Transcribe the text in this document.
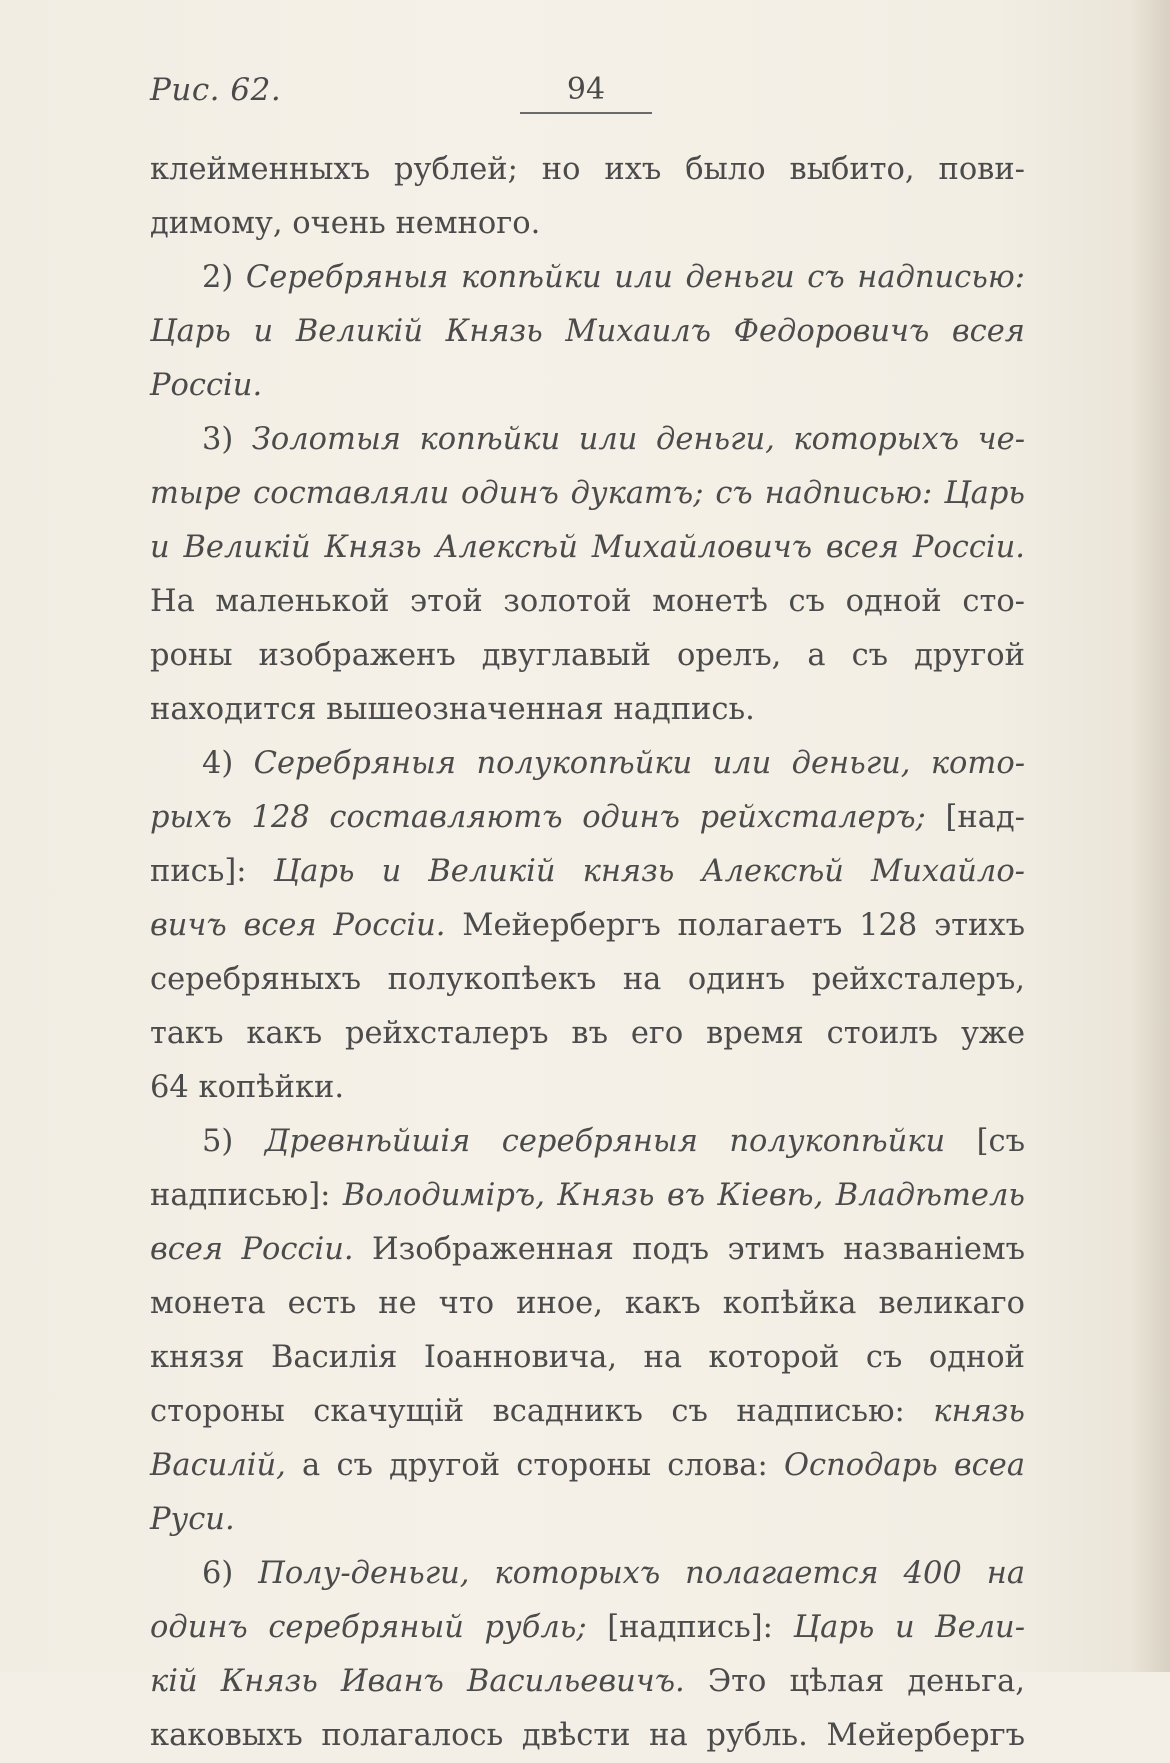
Рис. 62.	94
клейменныхъ рублей; но ихъ было выбито, пови-
димому, очень немного.
2) Серебряныя копѣйки или деньги съ надписью:
Царь и Великій Князь Михаилъ Федоровичъ всея
Россіи.
3) Золотыя копѣйки или деньги, которыхъ че-
тыре составляли одинъ дукатъ; съ надписью: Царь
и Великій Князь Алексѣй Михайловичъ всея Россіи.
На маленькой этой золотой монетѣ съ одной сто-
роны изображенъ двуглавый орелъ, а съ другой
находится вышеозначенная надпись.
4) Серебряныя полукопѣйки или деньги, кото-
рыхъ 128 составляютъ одинъ рейхсталеръ; [над-
пись]: Царь и Великій князь Алексѣй Михайло-
вичъ всея Россіи. Мейербергъ полагаетъ 128 этихъ
серебряныхъ полукопѣекъ на одинъ рейхсталеръ,
такъ какъ рейхсталеръ въ его время стоилъ уже
64 копѣйки.
5) Древнѣйшія серебряныя полукопѣйки [съ
надписью]: Володиміръ, Князь въ Кіевѣ, Владѣтель
всея Россіи. Изображенная подъ этимъ названіемъ
монета есть не что иное, какъ копѣйка великаго
князя Василія Іоанновича, на которой съ одной
стороны скачущій всадникъ съ надписью: князь
Василій, а съ другой стороны слова: Осподарь всеа
Руси.
6) Полу-деньги, которыхъ полагается 400 на
одинъ серебряный рубль; [надпись]: Царь и Вели-
кій Князь Иванъ Васильевичъ. Это цѣлая деньга,
каковыхъ полагалось двѣсти на рубль. Мейербергъ
